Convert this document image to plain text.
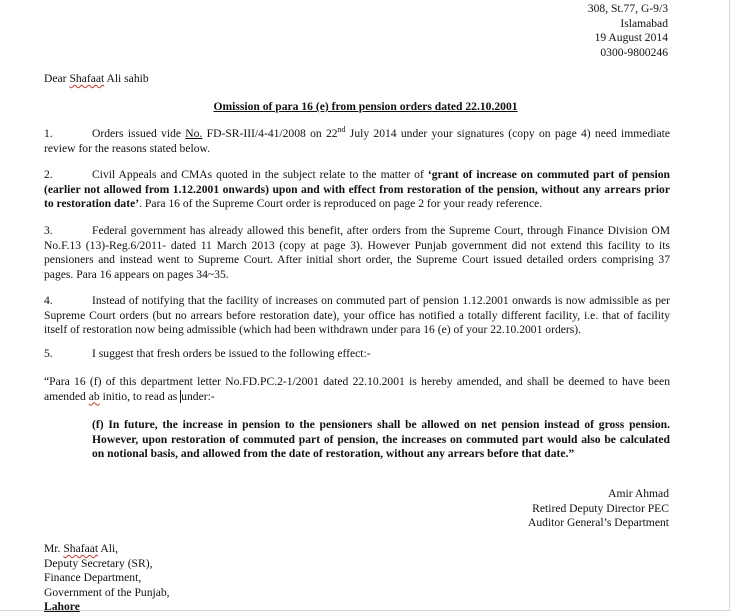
308, St.77, G-9/3
Islamabad
19 August 2014
0300-9800246
Dear Shafaat Ali sahib
Omission of para 16 (e) from pension orders dated 22.10.2001
1.	Orders issued vide No. FD-SR-III/4-41/2008 on 22nd July 2014 under your signatures (copy on page 4) need immediate review for the reasons stated below.
2.	Civil Appeals and CMAs quoted in the subject relate to the matter of ‘grant of increase on commuted part of pension (earlier not allowed from 1.12.2001 onwards) upon and with effect from restoration of the pension, without any arrears prior to restoration date’. Para 16 of the Supreme Court order is reproduced on page 2 for your ready reference.
3.	Federal government has already allowed this benefit, after orders from the Supreme Court, through Finance Division OM No.F.13 (13)-Reg.6/2011- dated 11 March 2013 (copy at page 3). However Punjab government did not extend this facility to its pensioners and instead went to Supreme Court. After initial short order, the Supreme Court issued detailed orders comprising 37 pages. Para 16 appears on pages 34~35.
4.	Instead of notifying that the facility of increases on commuted part of pension 1.12.2001 onwards is now admissible as per Supreme Court orders (but no arrears before restoration date), your office has notified a totally different facility, i.e. that of facility itself of restoration now being admissible (which had been withdrawn under para 16 (e) of your 22.10.2001 orders).
5.	I suggest that fresh orders be issued to the following effect:-
“Para 16 (f) of this department letter No.FD.PC.2-1/2001 dated 22.10.2001 is hereby amended, and shall be deemed to have been amended ab initio, to read as under:-
(f) In future, the increase in pension to the pensioners shall be allowed on net pension instead of gross pension. However, upon restoration of commuted part of pension, the increases on commuted part would also be calculated on notional basis, and allowed from the date of restoration, without any arrears before that date.”
Amir Ahmad
Retired Deputy Director PEC
Auditor General’s Department
Mr. Shafaat Ali,
Deputy Secretary (SR),
Finance Department,
Government of the Punjab,
Lahore
